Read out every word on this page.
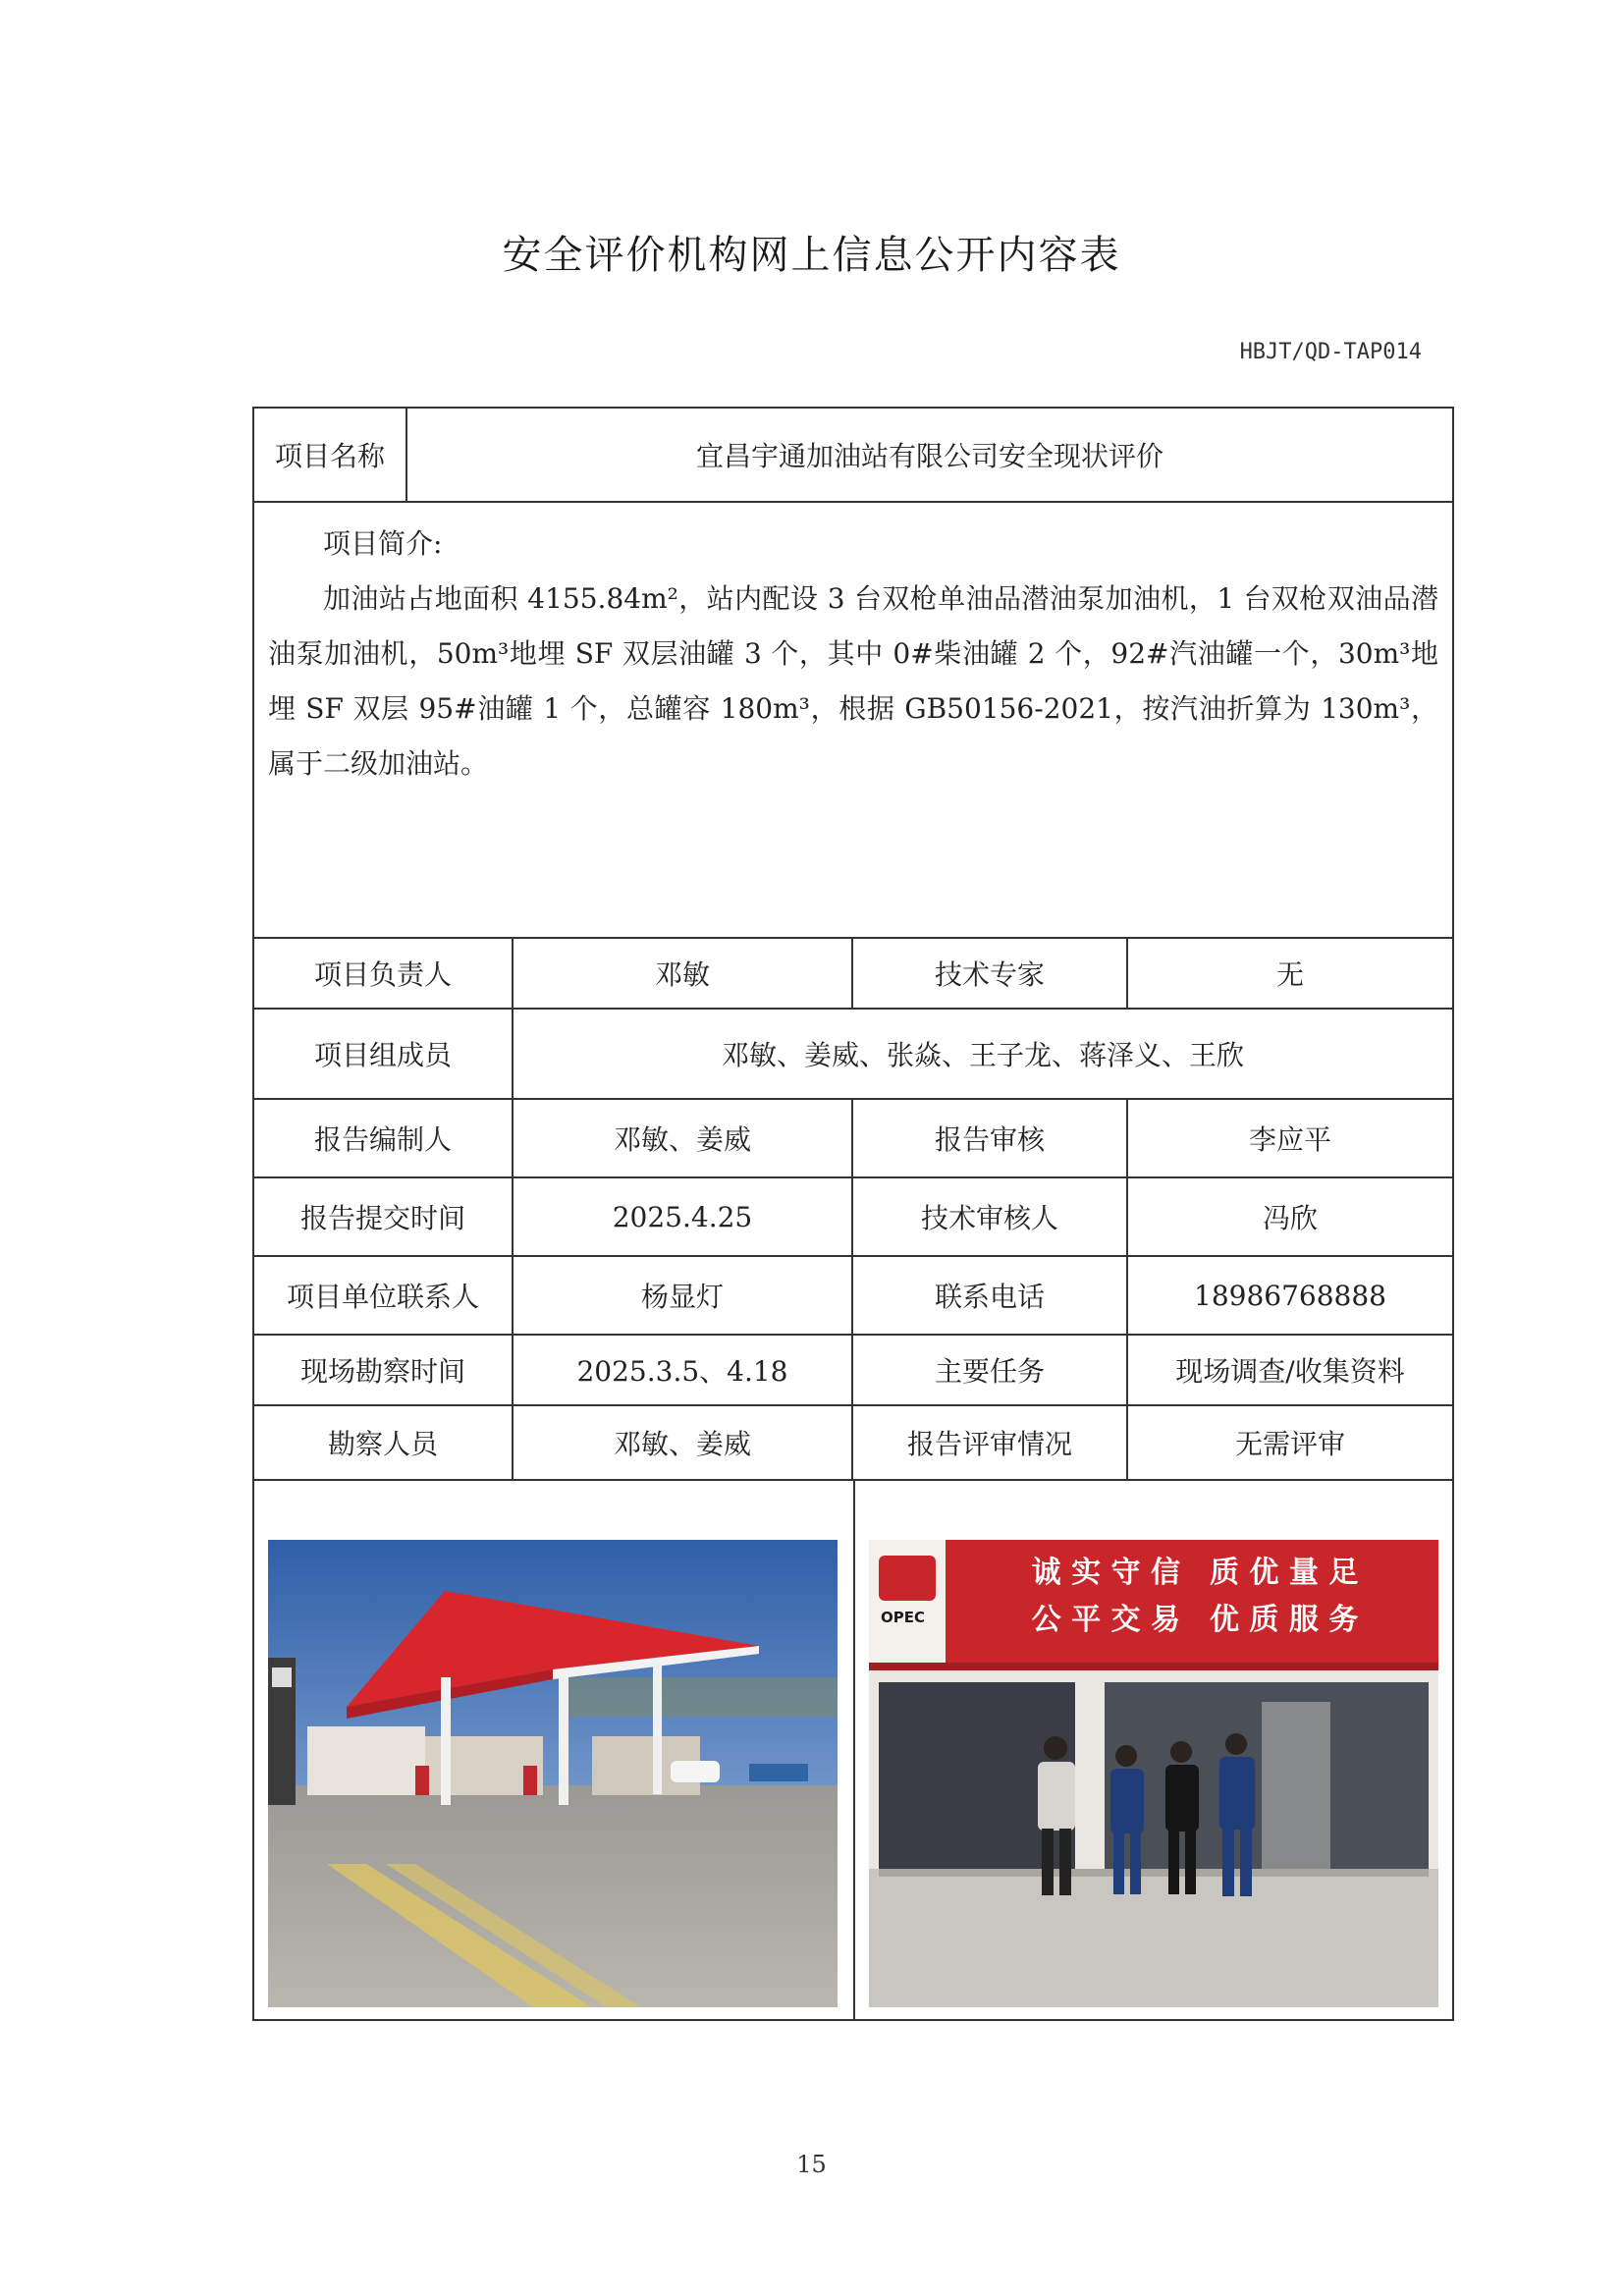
安全评价机构网上信息公开内容表
HBJT/QD-TAP014
项目名称	宜昌宇通加油站有限公司安全现状评价
项目简介:
加油站占地面积 4155.84m²，站内配设 3 台双枪单油品潜油泵加油机，1 台双枪双油品潜油泵加油机，50m³地埋 SF 双层油罐 3 个，其中 0#柴油罐 2 个，92#汽油罐一个，30m³地埋 SF 双层 95#油罐 1 个，总罐容 180m³，根据 GB50156-2021，按汽油折算为 130m³，属于二级加油站。
项目负责人	邓敏	技术专家	无
项目组成员	邓敏、姜威、张焱、王子龙、蒋泽义、王欣
报告编制人	邓敏、姜威	报告审核	李应平
报告提交时间	2025.4.25	技术审核人	冯欣
项目单位联系人	杨显灯	联系电话	18986768888
现场勘察时间	2025.3.5、4.18	主要任务	现场调查/收集资料
勘察人员	邓敏、姜威	报告评审情况	无需评审
诚 实 守 信　质 优 量 足
公 平 交 易　优 质 服 务
OPEC
15
